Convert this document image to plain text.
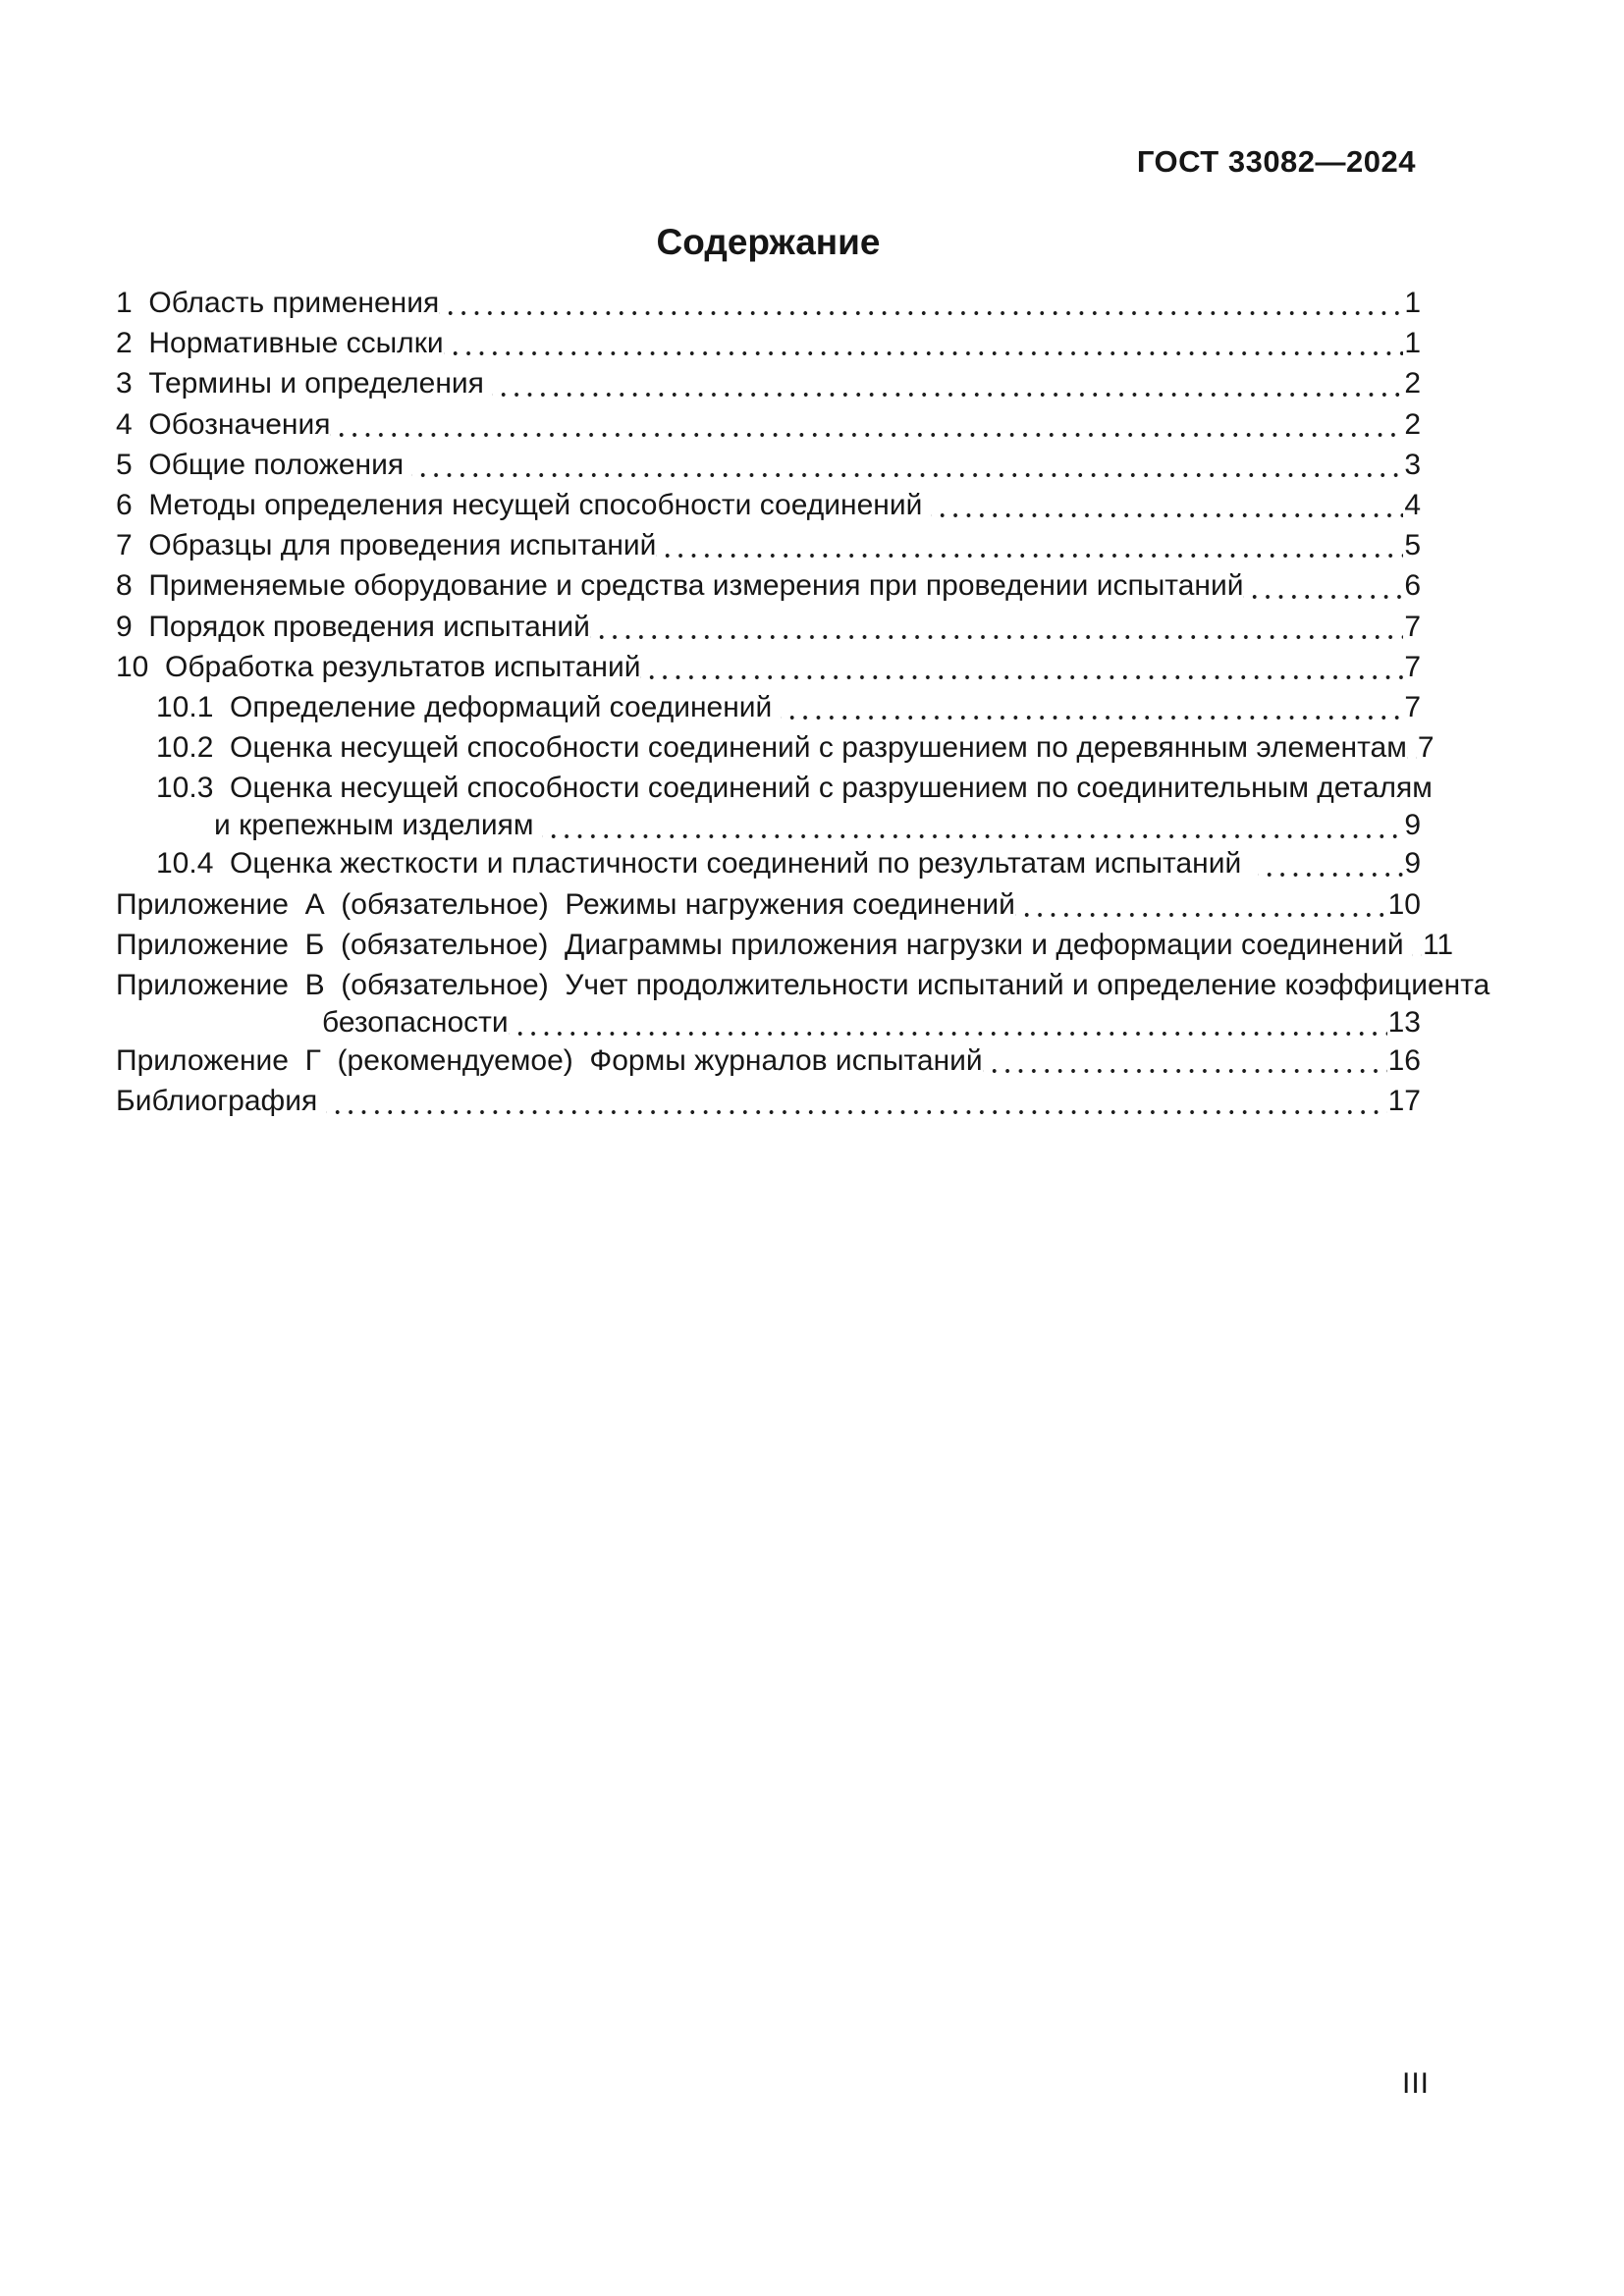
ГОСТ 33082—2024
Содержание
1  Область применения	1
2  Нормативные ссылки	1
3  Термины и определения	2
4  Обозначения	2
5  Общие положения	3
6  Методы определения несущей способности соединений	4
7  Образцы для проведения испытаний	5
8  Применяемые оборудование и средства измерения при проведении испытаний	6
9  Порядок проведения испытаний	7
10  Обработка результатов испытаний	7
10.1  Определение деформаций соединений	7
10.2  Оценка несущей способности соединений с разрушением по деревянным элементам 7
10.3  Оценка несущей способности соединений с разрушением по соединительным деталям
и крепежным изделиям	9
10.4  Оценка жесткости и пластичности соединений по результатам испытаний	9
Приложение  А  (обязательное)  Режимы нагружения соединений	10
Приложение  Б  (обязательное)  Диаграммы приложения нагрузки и деформации соединений 11
Приложение  В  (обязательное)  Учет продолжительности испытаний и определение коэффициента
безопасности	13
Приложение  Г  (рекомендуемое)  Формы журналов испытаний	16
Библиография	17
III
